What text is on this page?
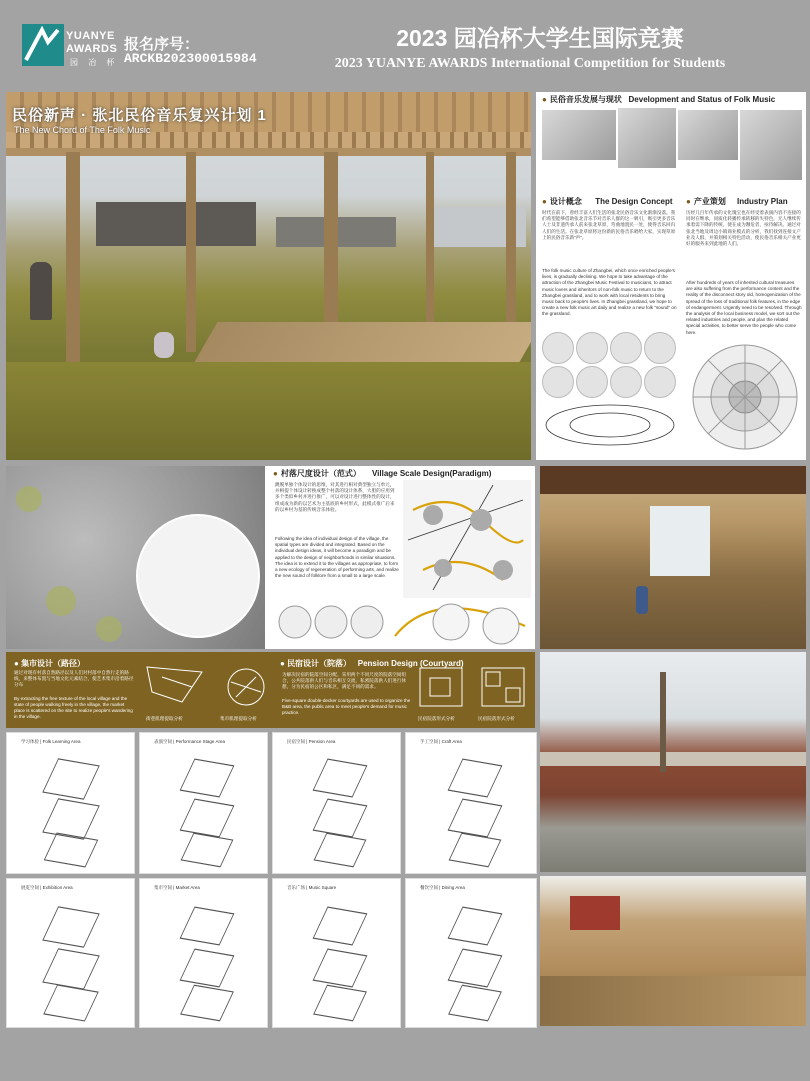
YUANYE
AWARDS
园 冶 杯
报名序号：
ARCKB202300015984
2023 园冶杯大学生国际竞赛
2023 YUANYE AWARDS International Competition for Students
民俗新声 · 张北民俗音乐复兴计划 1
The New Chord of The Folk Music
● 民俗音乐发展与现状 Development and Status of Folk Music
● 设计概念 The Design Concept ● 产业策划 Industry Plan
时代在前下，曾经丰富人们生活的张北民俗音乐文化渐渐没落。我们希望能够借助张北音乐节对音乐人群的这一吸引，吸引更多音乐人士及非遗传承人前来张北草原，弯曲地置民一处，使得音乐回归人们的生活。在张北草原将这份新的民俗音乐唱给大家，实现草原上的民俗音乐新“声”。
The folk music culture of Zhangbei, which once enriched people's lives, is gradually declining. We hope to take advantage of the attraction of the Zhangbei Music Festival to musicians, to attract music lovers and inheritors of non-folk music to return to the Zhangbei grassland, and to work with local residents to bring music back to people's lives. In Zhangbei grassland, we hope to create a new folk music art daily and realize a new folk "sound" on the grassland.
历经几百年传承的文化瑰宝也在经受着表演内容不连接的同时在继承，同质化转播传承转移的失特色，无人继续传承着需下降的传统，使在成为濒危者，亟待解决。通过对张北当地及周边小镇商业模式的分析，我们找到连接文产业及人群，并策划相关特色活动，使民俗音乐相关产业更好的服务来到此地的人们。
After hundreds of years of inherited cultural treasures are also suffering from the performance content and the reality of the disconnect story old, homogenization of the spread of the loss of traditional folk features, in the edge of endangerment. Urgently need to be resolved. Through the analysis of the local business model, we sort out the related industries and people, and plan the related special activities, to better serve the people who come here.
● 村落尺度设计（范式） Village Scale Design(Paradigm)
跳脱单独个体设计的思维，对其进行相对典型独立与单元，并相提个体设计转换成整个村落的设计体系，大胆的应用到多个类似乡村并进行推广，可以对设计进行整体性的设计，组成成为新的以艺术为主基底的乡村形式，此模式推广后来的以乡村为基的传统音乐体验。
Following the idea of individual design of the village, the spatial types are divided and integrated. Based on the individual design ideas, it will become a paradigm and be applied to the design of neighborhoods in similar situations. The idea is to extend it to the villages as appropriate, to form a new ecology of regeneration of performing arts, and realize the new sound of folklore from a small to a large scale.
● 集市设计（路径）
通过对现有村落自然路径以及人们对村落中自然行走的路线，来整体布置与当地文化元素结合，使艺术集市沿着路径分布
By extracting the free texture of the local village and the state of people walking freely in the village, the market place is scattered on the site to realize people's wandering in the village.	街巷肌理提取分析	集市肌理提取分析
● 民宿设计（院落） Pension Design (Courtyard)
为解决民宿的院落空间分配，采用两个不同尺度的院落空间组合，公共院落供人们与音乐相互交流，私密院落供人们进行休憩，分为民宿的公区和私区，满足不同的需求。
Five-square double-decker courtyards are used to organize the B&B area, the public area to meet people's demand for music practice.
民宿院落形式分析	民宿院落形式分析
学习体验 | Folk Learning Area	表演空间 | Performance Stage Area	民宿空间 | Pension Area	手工空间 | Craft Area
展览空间 | Exhibition Area	集市空间 | Market Area	音乐广场 | Music Square	餐饮空间 | Dining Area
